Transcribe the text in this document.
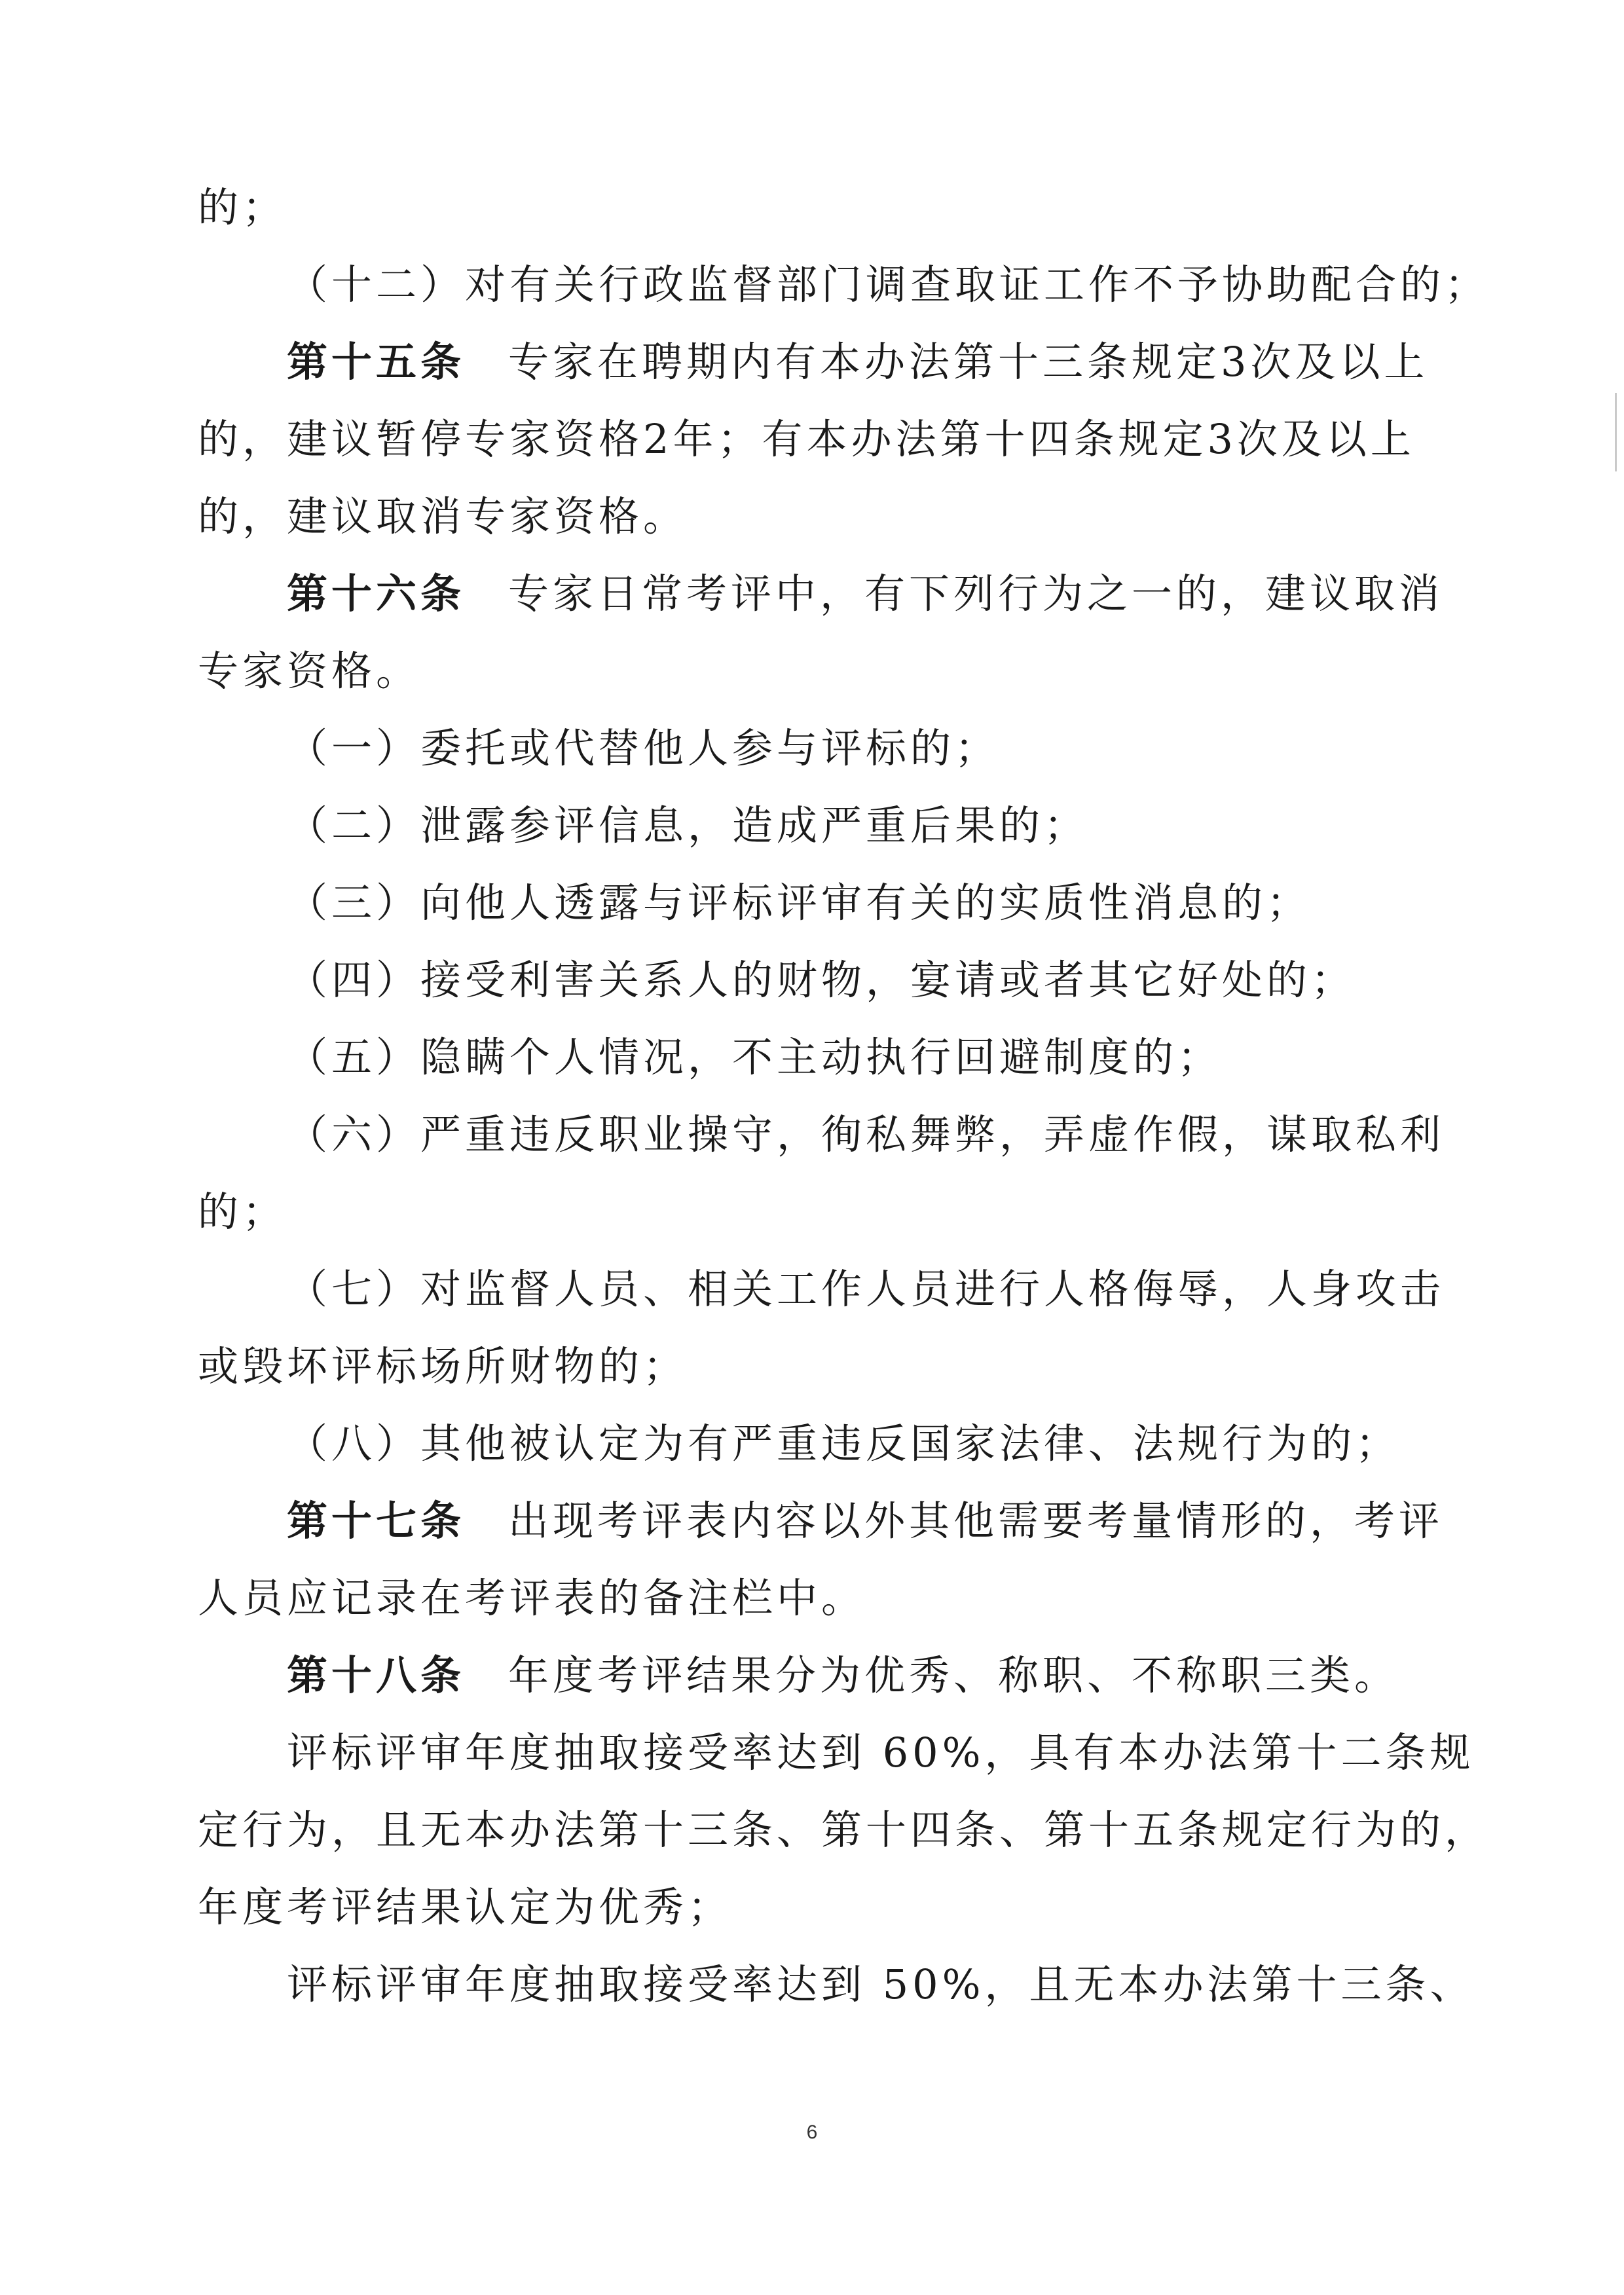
的；
（十二）对有关行政监督部门调查取证工作不予协助配合的；
第十五条 专家在聘期内有本办法第十三条规定3次及以上
的，建议暂停专家资格2年；有本办法第十四条规定3次及以上
的，建议取消专家资格。
第十六条 专家日常考评中，有下列行为之一的，建议取消
专家资格。
（一）委托或代替他人参与评标的；
（二）泄露参评信息，造成严重后果的；
（三）向他人透露与评标评审有关的实质性消息的；
（四）接受利害关系人的财物，宴请或者其它好处的；
（五）隐瞒个人情况，不主动执行回避制度的；
（六）严重违反职业操守，徇私舞弊，弄虚作假，谋取私利
的；
（七）对监督人员、相关工作人员进行人格侮辱，人身攻击
或毁坏评标场所财物的；
（八）其他被认定为有严重违反国家法律、法规行为的；
第十七条 出现考评表内容以外其他需要考量情形的，考评
人员应记录在考评表的备注栏中。
第十八条 年度考评结果分为优秀、称职、不称职三类。
评标评审年度抽取接受率达到 60%，具有本办法第十二条规
定行为，且无本办法第十三条、第十四条、第十五条规定行为的，
年度考评结果认定为优秀；
评标评审年度抽取接受率达到 50%，且无本办法第十三条、
6
